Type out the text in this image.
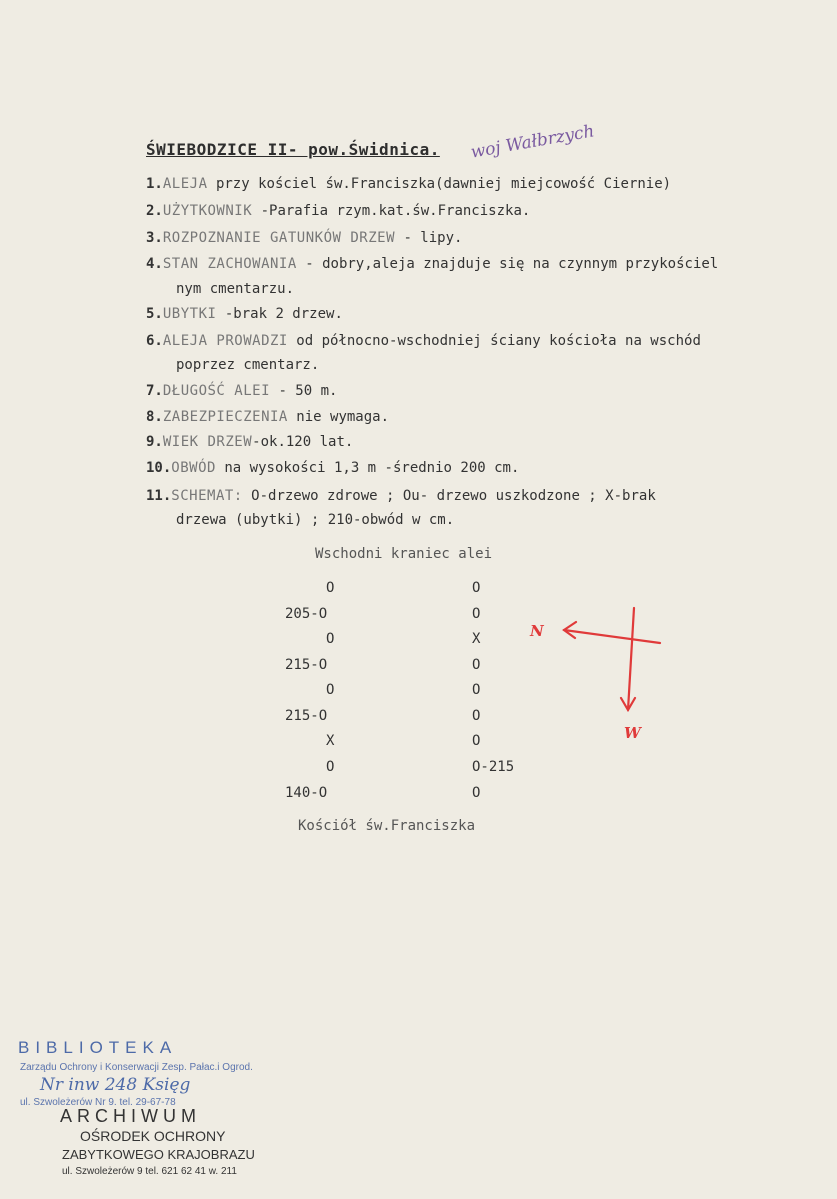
ŚWIEBODZICE II- pow.Świdnica. woj Wałbrzych
1.ALEJA przy kościel św.Franciszka(dawniej miejcowość Ciernie)
2.UŻYTKOWNIK -Parafia rzym.kat.św.Franciszka.
3.ROZPOZNANIE GATUNKÓW DRZEW - lipy.
4.STAN ZACHOWANIA - dobry,aleja znajduje się na czynnym przykościel
nym cmentarzu.
5.UBYTKI -brak 2 drzew.
6.ALEJA PROWADZI od północno-wschodniej ściany kościoła na wschód
poprzez cmentarz.
7.DŁUGOŚĆ ALEI - 50 m.
8.ZABEZPIECZENIA nie wymaga.
9.WIEK DRZEW-ok.120 lat.
10.OBWÓD na wysokości 1,3 m -średnio 200 cm.
11.SCHEMAT: O-drzewo zdrowe ; Ou- drzewo uszkodzone ; X-brak
drzewa (ubytki) ; 210-obwód w cm.
Wschodni kraniec alei
O
205-O
O
215-O
O
215-O
X
O
140-O
O
O
X
O
O
O
O
O-215
O
Kościół św.Franciszka
N
W
BIBLIOTEKA
Zarządu Ochrony i Konserwacji Zesp. Pałac.i Ogrod.
Nr inw 248 Księg
ul. Szwoleżerów Nr 9. tel. 29-67-78
ARCHIWUM
OŚRODEK OCHRONY
ZABYTKOWEGO KRAJOBRAZU
ul. Szwoleżerów 9 tel. 621 62 41 w. 211
